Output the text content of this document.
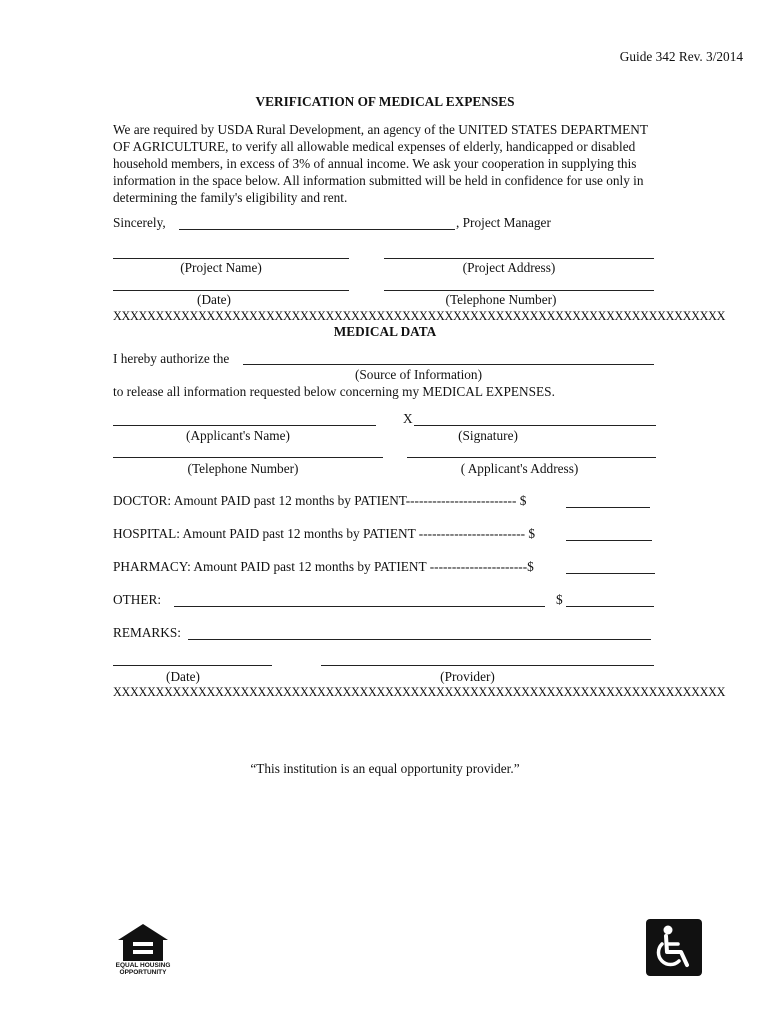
Guide 342 Rev. 3/2014
VERIFICATION OF MEDICAL EXPENSES
We are required by USDA Rural Development, an agency of the UNITED STATES DEPARTMENT OF AGRICULTURE, to verify all allowable medical expenses of elderly, handicapped or disabled household members, in excess of 3% of annual income. We ask your cooperation in supplying this information in the space below. All information submitted will be held in confidence for use only in determining the family's eligibility and rent.
Sincerely,	, Project Manager
(Project Name)	(Project Address)
(Date)	(Telephone Number)
XXXXXXXXXXXXXXXXXXXXXXXXXXXXXXXXXXXXXXXXXXXXXXXXXXXXXXXXXXXXXXXXXXXXXXXX
MEDICAL DATA
I hereby authorize the
(Source of Information)
to release all information requested below concerning my MEDICAL EXPENSES.
X
(Applicant's Name)	(Signature)
(Telephone Number)	( Applicant's Address)
DOCTOR: Amount PAID past 12 months by PATIENT------------------------- $
HOSPITAL: Amount PAID past 12 months by PATIENT ------------------------ $
PHARMACY: Amount PAID past 12 months by PATIENT ----------------------$
OTHER:	$
REMARKS:
(Date)	(Provider)
XXXXXXXXXXXXXXXXXXXXXXXXXXXXXXXXXXXXXXXXXXXXXXXXXXXXXXXXXXXXXXXXXXXXXXXX
“This institution is an equal opportunity provider.”
EQUAL HOUSING OPPORTUNITY
